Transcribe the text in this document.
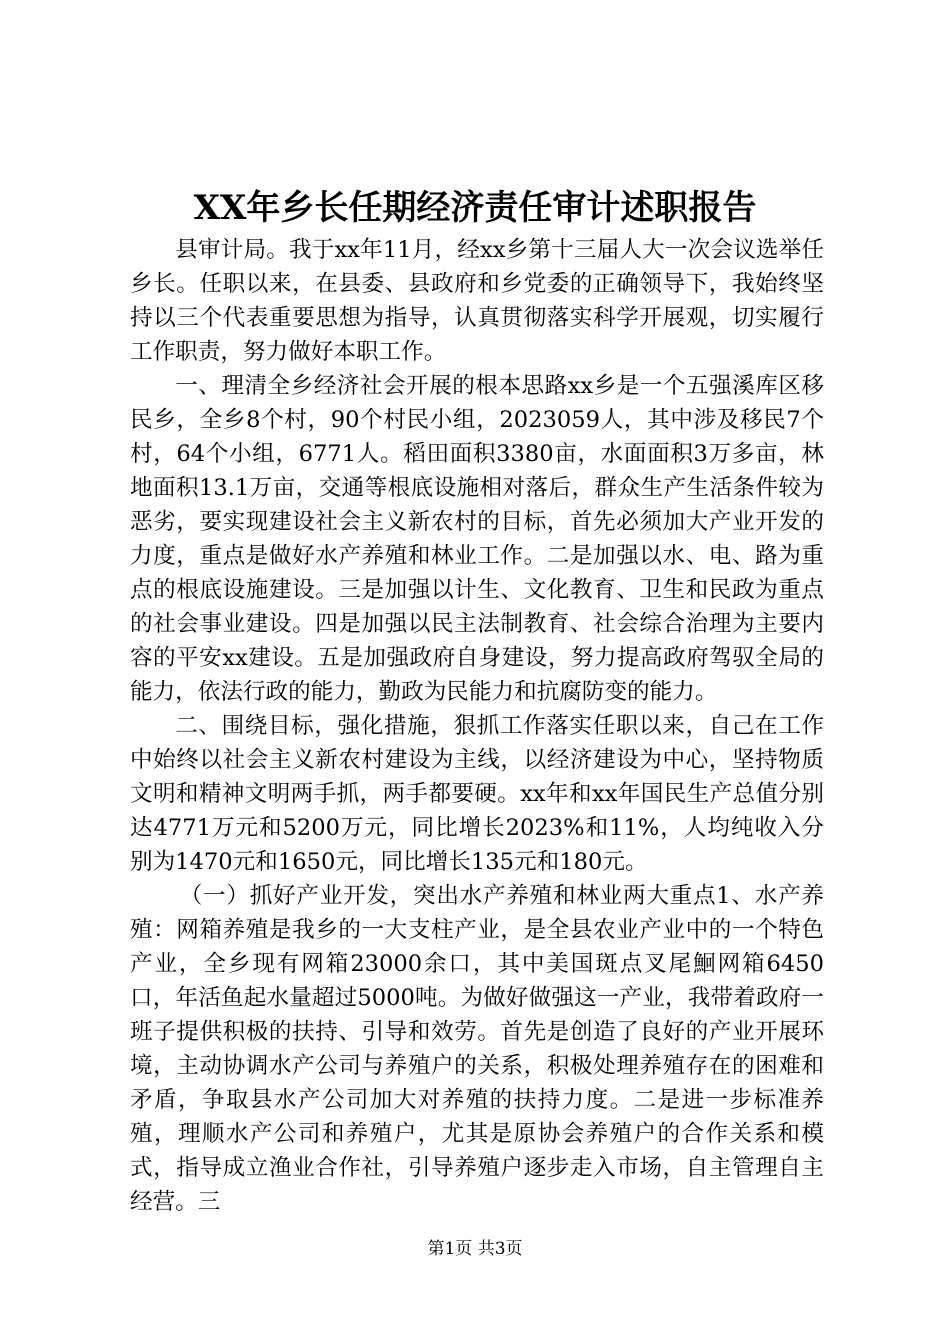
XX年乡长任期经济责任审计述职报告

县审计局。我于xx年11月，经xx乡第十三届人大一次会议选举任乡长。任职以来，在县委、县政府和乡党委的正确领导下，我始终坚持以三个代表重要思想为指导，认真贯彻落实科学开展观，切实履行工作职责，努力做好本职工作。

一、理清全乡经济社会开展的根本思路xx乡是一个五强溪库区移民乡，全乡8个村，90个村民小组，2023059人，其中涉及移民7个村，64个小组，6771人。稻田面积3380亩，水面面积3万多亩，林地面积13.1万亩，交通等根底设施相对落后，群众生产生活条件较为恶劣，要实现建设社会主义新农村的目标，首先必须加大产业开发的力度，重点是做好水产养殖和林业工作。二是加强以水、电、路为重点的根底设施建设。三是加强以计生、文化教育、卫生和民政为重点的社会事业建设。四是加强以民主法制教育、社会综合治理为主要内容的平安xx建设。五是加强政府自身建设，努力提高政府驾驭全局的能力，依法行政的能力，勤政为民能力和抗腐防变的能力。

二、围绕目标，强化措施，狠抓工作落实任职以来，自己在工作中始终以社会主义新农村建设为主线，以经济建设为中心，坚持物质文明和精神文明两手抓，两手都要硬。xx年和xx年国民生产总值分别达4771万元和5200万元，同比增长2023%和11%，人均纯收入分别为1470元和1650元，同比增长135元和180元。

（一）抓好产业开发，突出水产养殖和林业两大重点1、水产养殖：网箱养殖是我乡的一大支柱产业，是全县农业产业中的一个特色产业，全乡现有网箱23000余口，其中美国斑点叉尾鮰网箱6450口，年活鱼起水量超过5000吨。为做好做强这一产业，我带着政府一班子提供积极的扶持、引导和效劳。首先是创造了良好的产业开展环境，主动协调水产公司与养殖户的关系，积极处理养殖存在的困难和矛盾，争取县水产公司加大对养殖的扶持力度。二是进一步标准养殖，理顺水产公司和养殖户，尤其是原协会养殖户的合作关系和模式，指导成立渔业合作社，引导养殖户逐步走入市场，自主管理自主经营。三

第1页 共3页
